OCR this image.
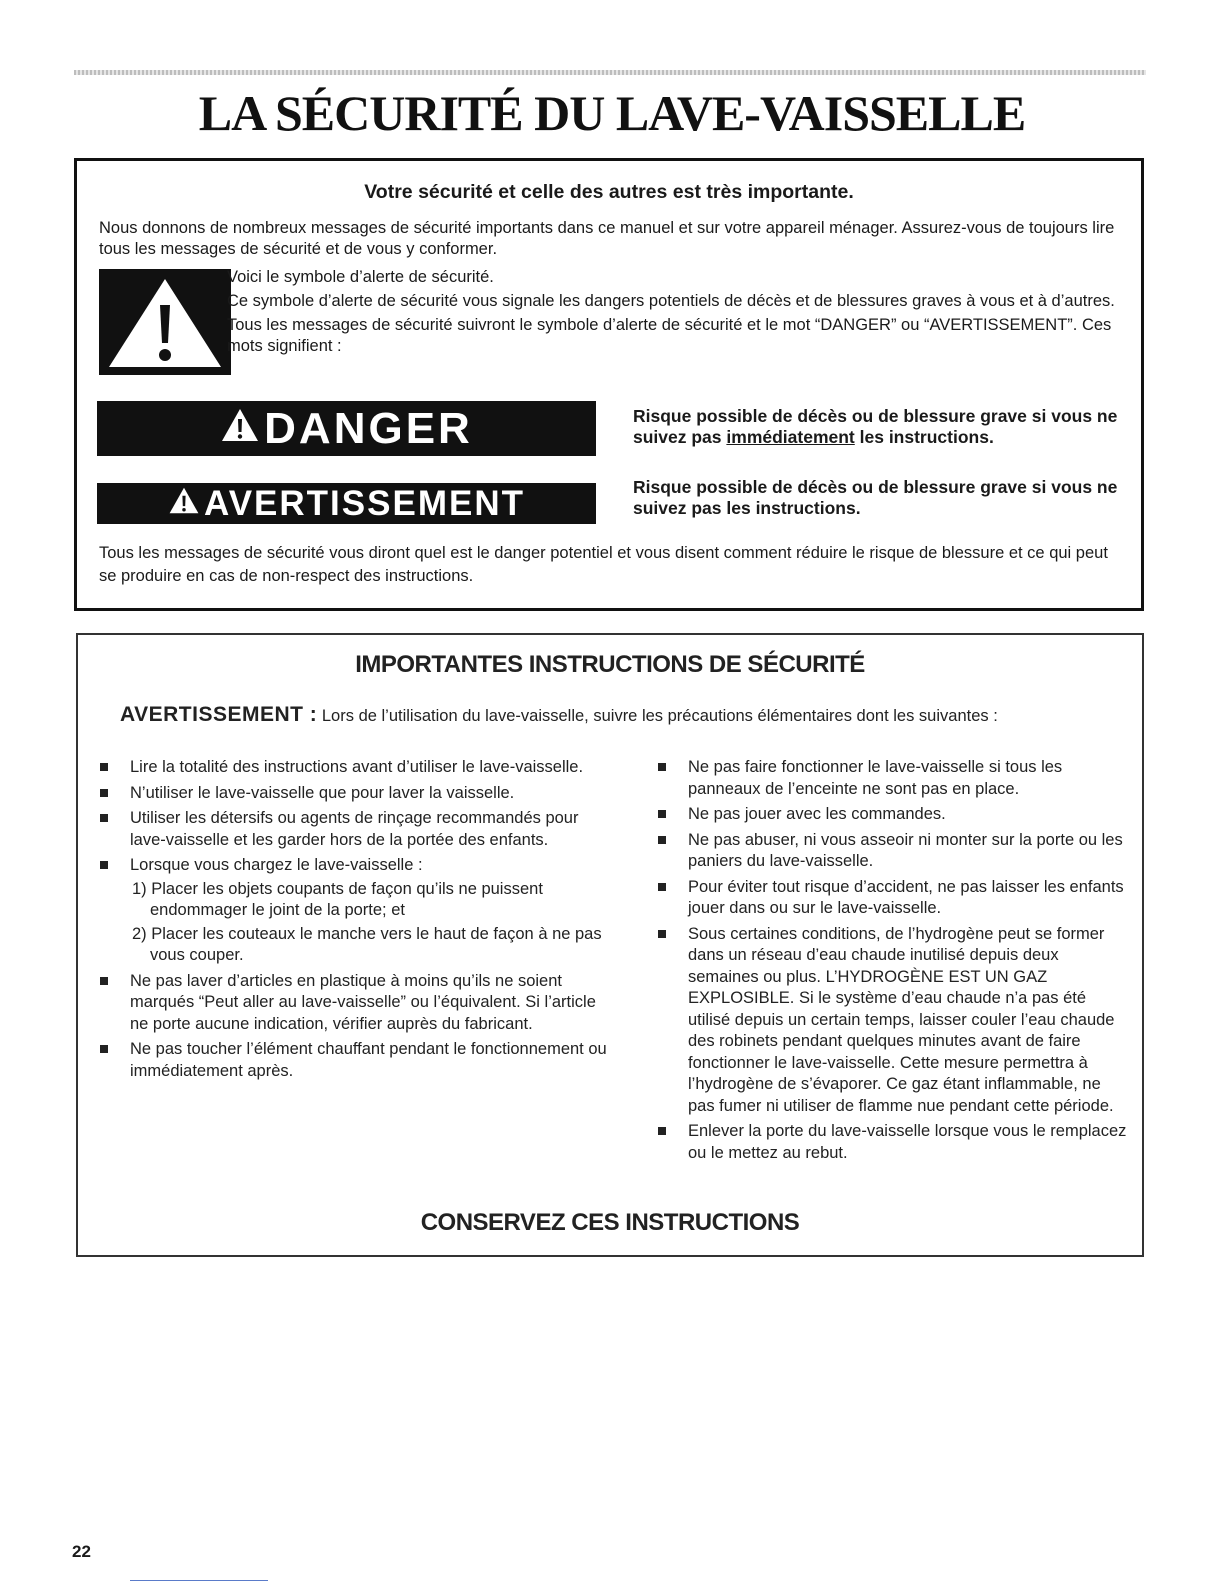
LA SÉCURITÉ DU LAVE-VAISSELLE
Votre sécurité et celle des autres est très importante.
Nous donnons de nombreux messages de sécurité importants dans ce manuel et sur votre appareil ménager. Assurez-vous de toujours lire tous les messages de sécurité et de vous y conformer.

Voici le symbole d’alerte de sécurité.

Ce symbole d’alerte de sécurité vous signale les dangers potentiels de décès et de blessures graves à vous et à d’autres.

Tous les messages de sécurité suivront le symbole d’alerte de sécurité et le mot “DANGER” ou “AVERTISSEMENT”. Ces mots signifient :

DANGER	Risque possible de décès ou de blessure grave si vous ne suivez pas immédiatement les instructions.
AVERTISSEMENT	Risque possible de décès ou de blessure grave si vous ne suivez pas les instructions.
Tous les messages de sécurité vous diront quel est le danger potentiel et vous disent comment réduire le risque de blessure et ce qui peut se produire en cas de non-respect des instructions.
IMPORTANTES INSTRUCTIONS DE SÉCURITÉ
AVERTISSEMENT : Lors de l’utilisation du lave-vaisselle, suivre les précautions élémentaires dont les suivantes :
Lire la totalité des instructions avant d’utiliser le lave-vaisselle.
N’utiliser le lave-vaisselle que pour laver la vaisselle.
Utiliser les détersifs ou agents de rinçage recommandés pour lave-vaisselle et les garder hors de la portée des enfants.
Lorsque vous chargez le lave-vaisselle :
1) Placer les objets coupants de façon qu’ils ne puissent endommager le joint de la porte; et
2) Placer les couteaux le manche vers le haut de façon à ne pas vous couper.
Ne pas laver d’articles en plastique à moins qu’ils ne soient marqués “Peut aller au lave-vaisselle” ou l’équivalent. Si l’article ne porte aucune indication, vérifier auprès du fabricant.
Ne pas toucher l’élément chauffant pendant le fonctionnement ou immédiatement après.
Ne pas faire fonctionner le lave-vaisselle si tous les panneaux de l’enceinte ne sont pas en place.
Ne pas jouer avec les commandes.
Ne pas abuser, ni vous asseoir ni monter sur la porte ou les paniers du lave-vaisselle.
Pour éviter tout risque d’accident, ne pas laisser les enfants jouer dans ou sur le lave-vaisselle.
Sous certaines conditions, de l’hydrogène peut se former dans un réseau d’eau chaude inutilisé depuis deux semaines ou plus. L’HYDROGÈNE EST UN GAZ EXPLOSIBLE. Si le système d’eau chaude n’a pas été utilisé depuis un certain temps, laisser couler l’eau chaude des robinets pendant quelques minutes avant de faire fonctionner le lave-vaisselle. Cette mesure permettra à l’hydrogène de s’évaporer. Ce gaz étant inflammable, ne pas fumer ni utiliser de flamme nue pendant cette période.
Enlever la porte du lave-vaisselle lorsque vous le remplacez ou le mettez au rebut.
CONSERVEZ CES INSTRUCTIONS
22
